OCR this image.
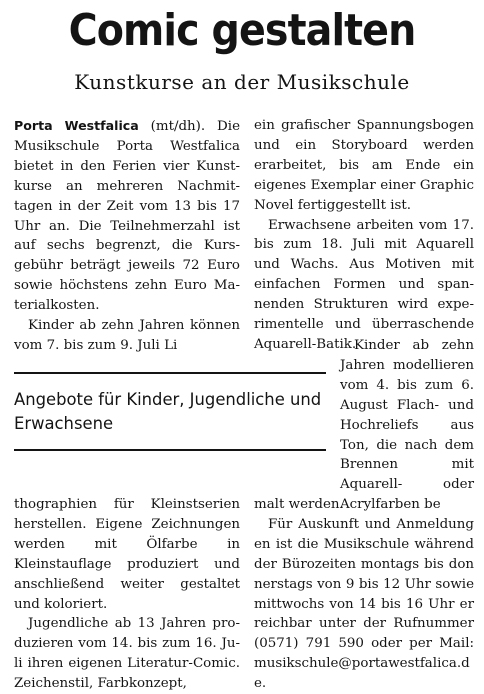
Comic gestalten
Kunstkurse an der Musikschule

Porta Westfalica (mt/dh). Die Musikschule Porta Westfalica bietet in den Ferien vier Kunstkurse an mehreren Nachmittagen in der Zeit vom 13 bis 17 Uhr an. Die Teilnehmerzahl ist auf sechs begrenzt, die Kursgebühr beträgt jeweils 72 Euro sowie höchstens zehn Euro Materialkosten.

Kinder ab zehn Jahren können vom 7. bis zum 9. Juli Li

Angebote für Kinder, Jugendliche und Erwachsene

thographien für Kleinstserien herstellen. Eigene Zeichnungen werden mit Ölfarbe in Kleinstauflage produziert und anschließend weiter gestaltet und koloriert.

Jugendliche ab 13 Jahren produzieren vom 14. bis zum 16. Juli ihren eigenen Literatur-Comic. Zeichenstil, Farbkonzept,

ein grafischer Spannungsbogen und ein Storyboard werden erarbeitet, bis am Ende ein eigenes Exemplar einer Graphic Novel fertiggestellt ist.

Erwachsene arbeiten vom 17. bis zum 18. Juli mit Aquarell und Wachs. Aus Motiven mit einfachen Formen und spannenden Strukturen wird experimentelle und überraschende Aquarell-Batik.

Kinder ab zehn Jahren modellieren vom 4. bis zum 6. August Flach- und Hochreliefs aus Ton, die nach dem Brennen mit Aquarell- oder Acrylfarben be

malt werden.

Für Auskunft und Anmeldungen ist die Musikschule während der Bürozeiten montags bis donnerstags von 9 bis 12 Uhr sowie mittwochs von 14 bis 16 Uhr erreichbar unter der Rufnummer (0571) 791 590 oder per Mail: musikschule@portawestfalica.de.
